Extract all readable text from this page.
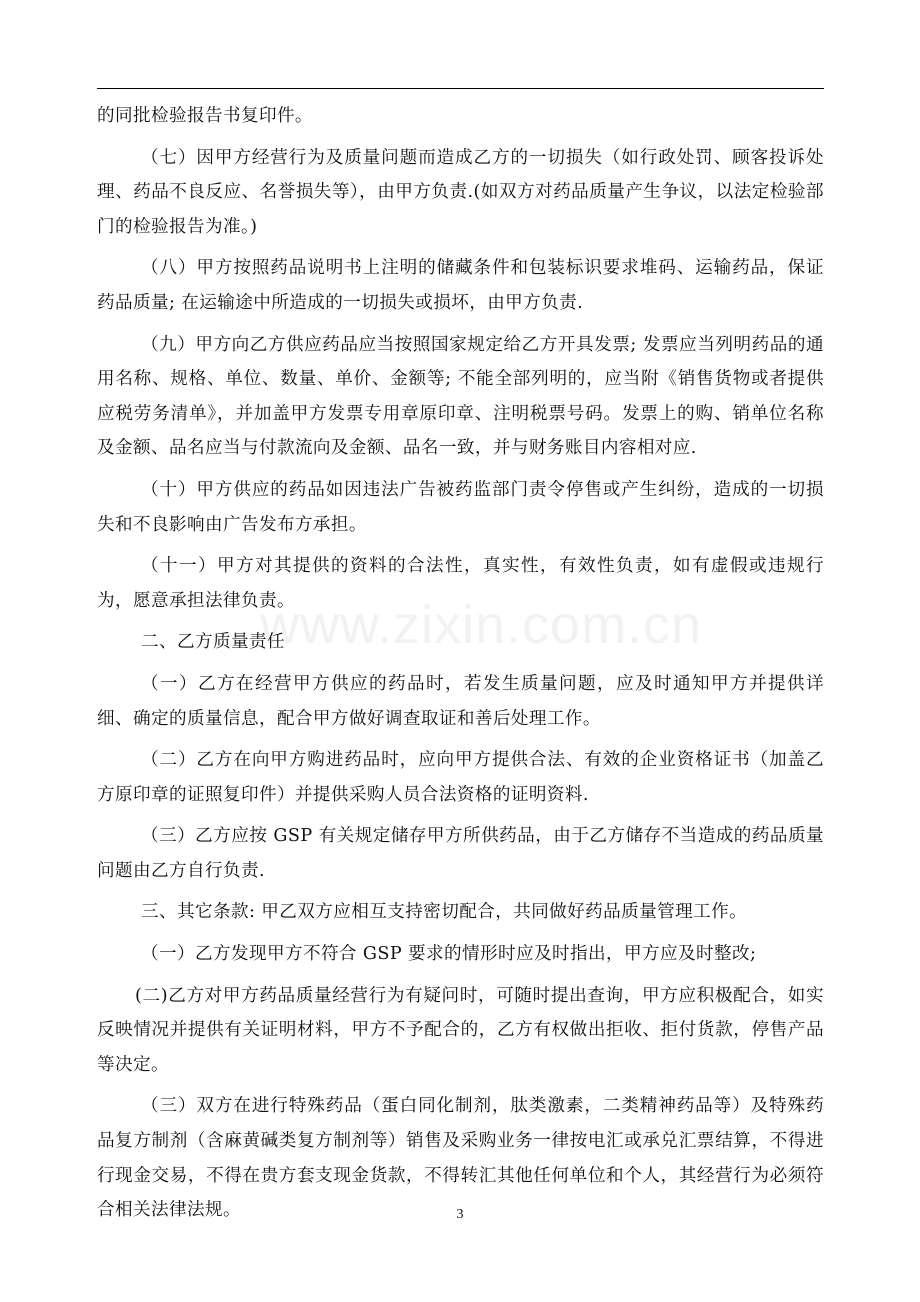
www.zixin.com.cn

的同批检验报告书复印件。

（七）因甲方经营行为及质量问题而造成乙方的一切损失（如行政处罚、顾客投诉处理、药品不良反应、名誉损失等），由甲方负责.(如双方对药品质量产生争议，以法定检验部门的检验报告为准。)

（八）甲方按照药品说明书上注明的储藏条件和包装标识要求堆码、运输药品，保证药品质量; 在运输途中所造成的一切损失或损坏，由甲方负责.

（九）甲方向乙方供应药品应当按照国家规定给乙方开具发票; 发票应当列明药品的通用名称、规格、单位、数量、单价、金额等; 不能全部列明的，应当附《销售货物或者提供应税劳务清单》，并加盖甲方发票专用章原印章、注明税票号码。发票上的购、销单位名称及金额、品名应当与付款流向及金额、品名一致，并与财务账目内容相对应.

（十）甲方供应的药品如因违法广告被药监部门责令停售或产生纠纷，造成的一切损失和不良影响由广告发布方承担。

（十一）甲方对其提供的资料的合法性，真实性，有效性负责，如有虚假或违规行为，愿意承担法律负责。

二、乙方质量责任

（一）乙方在经营甲方供应的药品时，若发生质量问题，应及时通知甲方并提供详细、确定的质量信息，配合甲方做好调查取证和善后处理工作。

（二）乙方在向甲方购进药品时，应向甲方提供合法、有效的企业资格证书（加盖乙方原印章的证照复印件）并提供采购人员合法资格的证明资料.

（三）乙方应按 GSP 有关规定储存甲方所供药品，由于乙方储存不当造成的药品质量问题由乙方自行负责.

三、其它条款: 甲乙双方应相互支持密切配合，共同做好药品质量管理工作。

（一）乙方发现甲方不符合 GSP 要求的情形时应及时指出，甲方应及时整改;

(二)乙方对甲方药品质量经营行为有疑问时，可随时提出查询，甲方应积极配合，如实反映情况并提供有关证明材料，甲方不予配合的，乙方有权做出拒收、拒付货款，停售产品等决定。

（三）双方在进行特殊药品（蛋白同化制剂，肽类激素，二类精神药品等）及特殊药品复方制剂（含麻黄碱类复方制剂等）销售及采购业务一律按电汇或承兑汇票结算，不得进行现金交易，不得在贵方套支现金货款，不得转汇其他任何单位和个人，其经营行为必须符合相关法律法规。	3
